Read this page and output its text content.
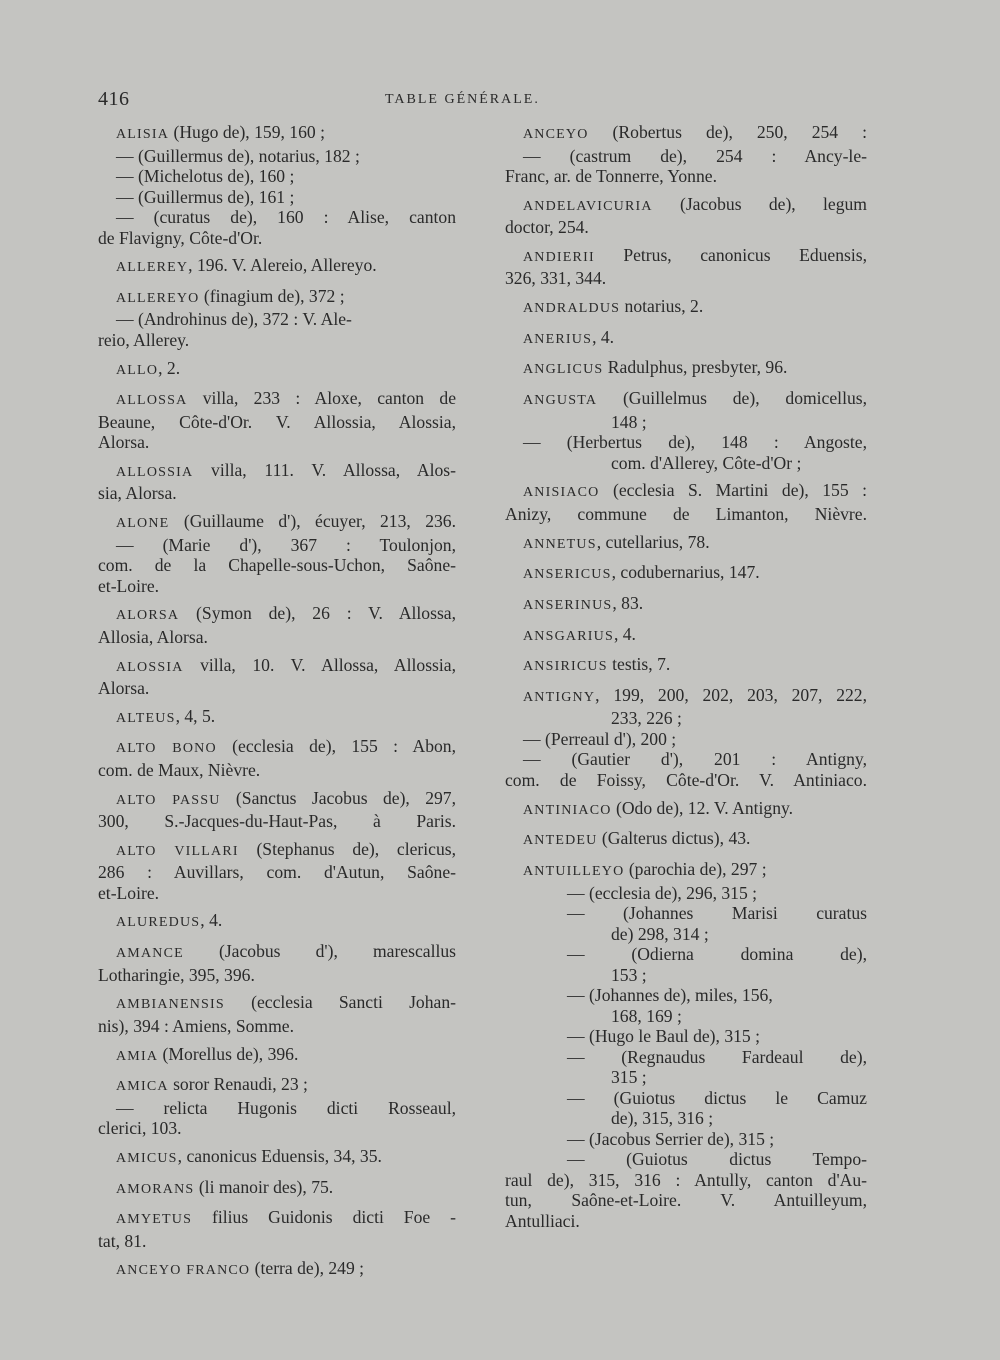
416	TABLE GÉNÉRALE.
ALISIA (Hugo de), 159, 160 ;
— (Guillermus de), notarius, 182 ;
— (Michelotus de), 160 ;
— (Guillermus de), 161 ;
— (curatus de), 160 : Alise, canton
de Flavigny, Côte-d'Or.
ALLEREY, 196. V. Alereio, Allereyo.
ALLEREYO (finagium de), 372 ;
— (Androhinus de), 372 : V. Ale-
reio, Allerey.
ALLO, 2.
ALLOSSA villa, 233 : Aloxe, canton de
Beaune, Côte-d'Or. V. Allossia, Alossia,
Alorsa.
ALLOSSIA villa, 111. V. Allossa, Alos-
sia, Alorsa.
ALONE (Guillaume d'), écuyer, 213, 236.
— (Marie d'), 367 : Toulonjon,
com. de la Chapelle-sous-Uchon, Saône-
et-Loire.
ALORSA (Symon de), 26 : V. Allossa,
Allosia, Alorsa.
ALOSSIA villa, 10. V. Allossa, Allossia,
Alorsa.
ALTEUS, 4, 5.
ALTO BONO (ecclesia de), 155 : Abon,
com. de Maux, Nièvre.
ALTO PASSU (Sanctus Jacobus de), 297,
300, S.-Jacques-du-Haut-Pas, à Paris.
ALTO VILLARI (Stephanus de), clericus,
286 : Auvillars, com. d'Autun, Saône-
et-Loire.
ALUREDUS, 4.
AMANCE (Jacobus d'), marescallus
Lotharingie, 395, 396.
AMBIANENSIS (ecclesia Sancti Johan-
nis), 394 : Amiens, Somme.
AMIA (Morellus de), 396.
AMICA soror Renaudi, 23 ;
— relicta Hugonis dicti Rosseaul,
clerici, 103.
AMICUS, canonicus Eduensis, 34, 35.
AMORANS (li manoir des), 75.
AMYETUS filius Guidonis dicti Foe -
tat, 81.
ANCEYO FRANCO (terra de), 249 ;
ANCEYO (Robertus de), 250, 254 :
— (castrum de), 254 : Ancy-le-
Franc, ar. de Tonnerre, Yonne.
ANDELAVICURIA (Jacobus de), legum
doctor, 254.
ANDIERII Petrus, canonicus Eduensis,
326, 331, 344.
ANDRALDUS notarius, 2.
ANERIUS, 4.
ANGLICUS Radulphus, presbyter, 96.
ANGUSTA (Guillelmus de), domicellus,
148 ;
— (Herbertus de), 148 : Angoste,
com. d'Allerey, Côte-d'Or ;
ANISIACO (ecclesia S. Martini de), 155 :
Anizy, commune de Limanton, Nièvre.
ANNETUS, cutellarius, 78.
ANSERICUS, codubernarius, 147.
ANSERINUS, 83.
ANSGARIUS, 4.
ANSIRICUS testis, 7.
ANTIGNY, 199, 200, 202, 203, 207, 222,
233, 226 ;
— (Perreaul d'), 200 ;
— (Gautier d'), 201 : Antigny,
com. de Foissy, Côte-d'Or. V. Antiniaco.
ANTINIACO (Odo de), 12. V. Antigny.
ANTEDEU (Galterus dictus), 43.
ANTUILLEYO (parochia de), 297 ;
— (ecclesia de), 296, 315 ;
— (Johannes Marisi curatus
de) 298, 314 ;
— (Odierna domina de),
153 ;
— (Johannes de), miles, 156,
168, 169 ;
— (Hugo le Baul de), 315 ;
— (Regnaudus Fardeaul de),
315 ;
— (Guiotus dictus le Camuz
de), 315, 316 ;
— (Jacobus Serrier de), 315 ;
— (Guiotus dictus Tempo-
raul de), 315, 316 : Antully, canton d'Au-
tun, Saône-et-Loire. V. Antuilleyum,
Antulliaci.
